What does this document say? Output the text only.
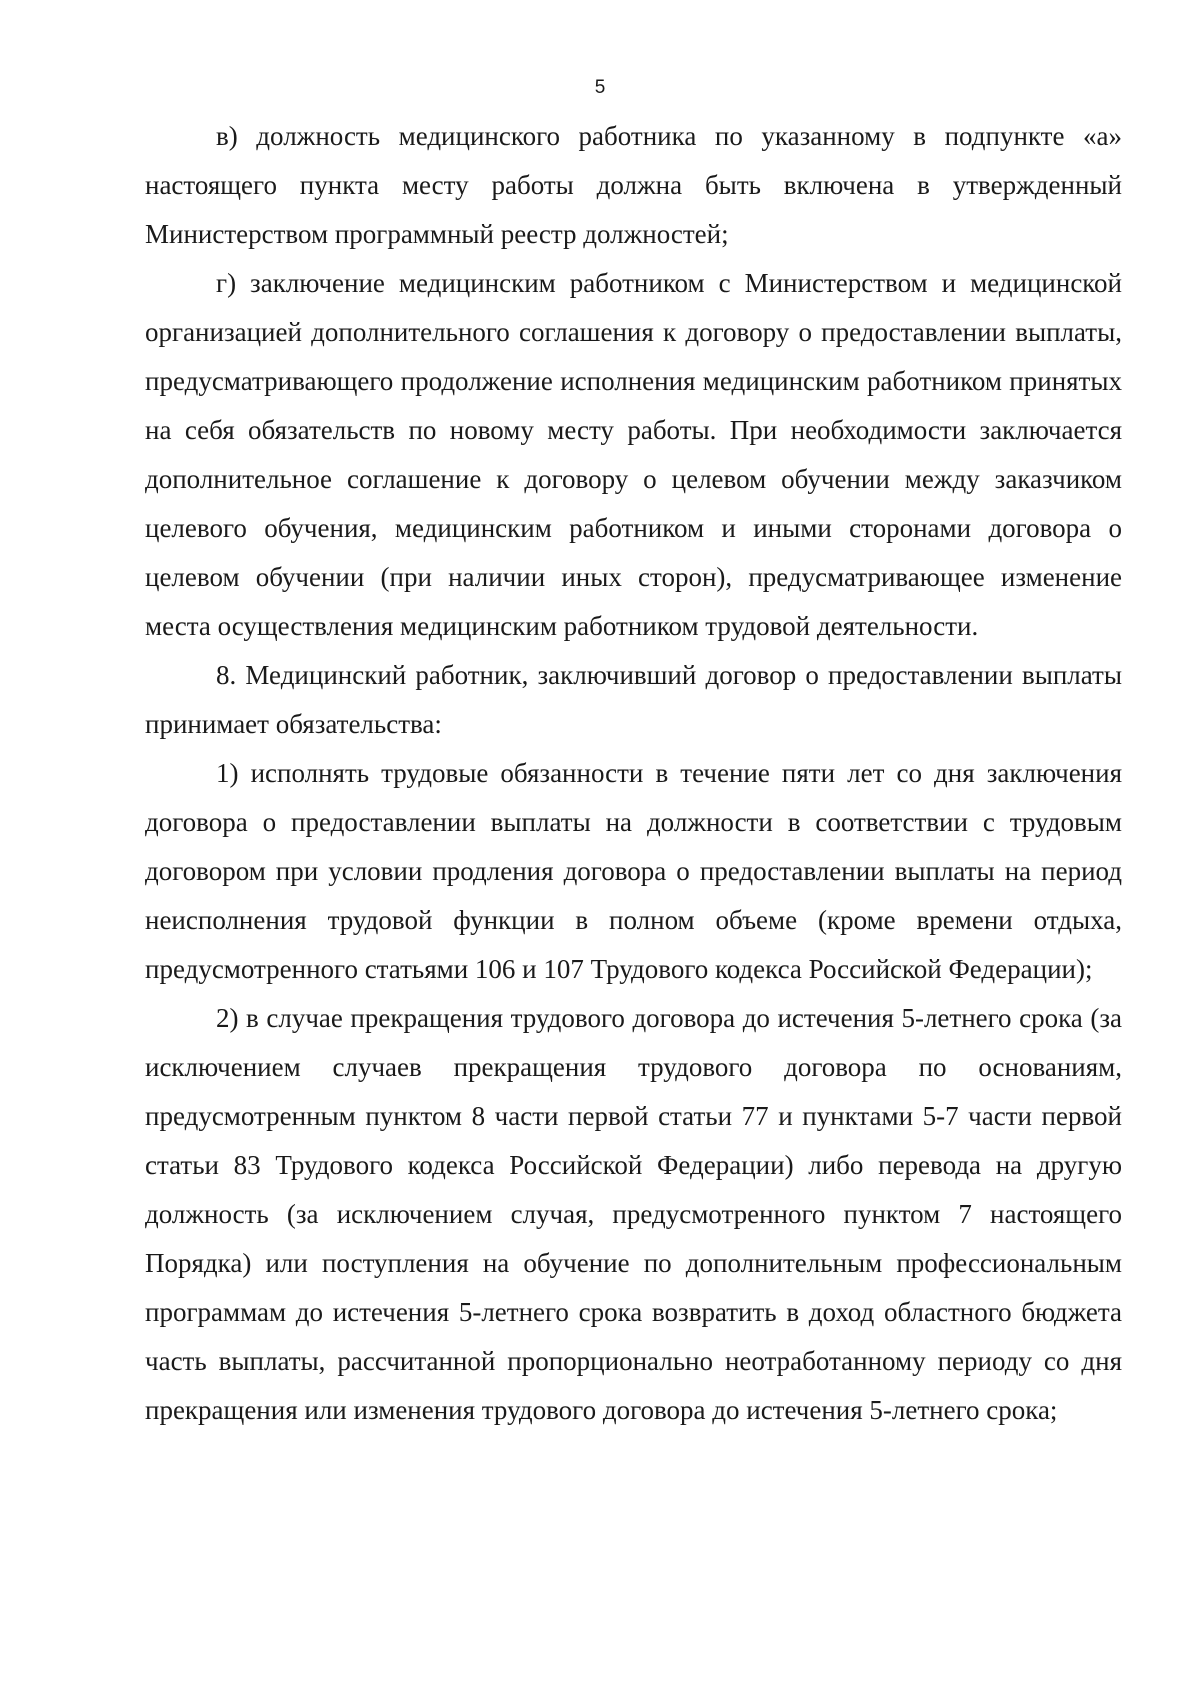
5

в) должность медицинского работника по указанному в подпункте «а» настоящего пункта месту работы должна быть включена в утвержденный Министерством программный реестр должностей;

г) заключение медицинским работником с Министерством и медицинской организацией дополнительного соглашения к договору о предоставлении выплаты, предусматривающего продолжение исполнения медицинским работником принятых на себя обязательств по новому месту работы. При необходимости заключается дополнительное соглашение к договору о целевом обучении между заказчиком целевого обучения, медицинским работником и иными сторонами договора о целевом обучении (при наличии иных сторон), предусматривающее изменение места осуществления медицинским работником трудовой деятельности.

8. Медицинский работник, заключивший договор о предоставлении выплаты принимает обязательства:

1) исполнять трудовые обязанности в течение пяти лет со дня заключения договора о предоставлении выплаты на должности в соответствии с трудовым договором при условии продления договора о предоставлении выплаты на период неисполнения трудовой функции в полном объеме (кроме времени отдыха, предусмотренного статьями 106 и 107 Трудового кодекса Российской Федерации);

2) в случае прекращения трудового договора до истечения 5-летнего срока (за исключением случаев прекращения трудового договора по основаниям, предусмотренным пунктом 8 части первой статьи 77 и пунктами 5-7 части первой статьи 83 Трудового кодекса Российской Федерации) либо перевода на другую должность (за исключением случая, предусмотренного пунктом 7 настоящего Порядка) или поступления на обучение по дополнительным профессиональным программам до истечения 5-летнего срока возвратить в доход областного бюджета часть выплаты, рассчитанной пропорционально неотработанному периоду со дня прекращения или изменения трудового договора до истечения 5-летнего срока;
